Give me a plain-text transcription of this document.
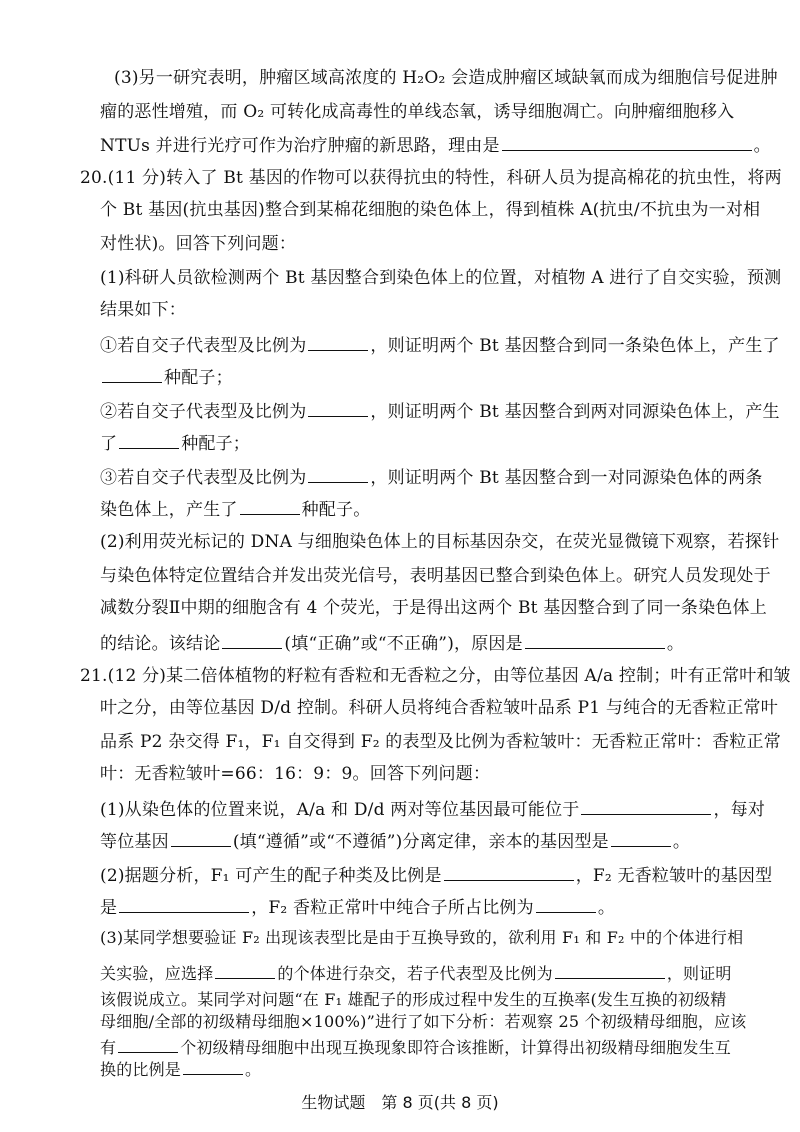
(3)另一研究表明，肿瘤区域高浓度的 H₂O₂ 会造成肿瘤区域缺氧而成为细胞信号促进肿
瘤的恶性增殖，而 O₂ 可转化成高毒性的单线态氧，诱导细胞凋亡。向肿瘤细胞移入
NTUs 并进行光疗可作为治疗肿瘤的新思路，理由是	。
20.(11 分)转入了 Bt 基因的作物可以获得抗虫的特性，科研人员为提高棉花的抗虫性，将两
个 Bt 基因(抗虫基因)整合到某棉花细胞的染色体上，得到植株 A(抗虫/不抗虫为一对相
对性状)。回答下列问题：
(1)科研人员欲检测两个 Bt 基因整合到染色体上的位置，对植物 A 进行了自交实验，预测
结果如下：
①若自交子代表型及比例为	，则证明两个 Bt 基因整合到同一条染色体上，产生了
种配子；
②若自交子代表型及比例为	，则证明两个 Bt 基因整合到两对同源染色体上，产生
了	种配子；
③若自交子代表型及比例为	，则证明两个 Bt 基因整合到一对同源染色体的两条
染色体上，产生了	种配子。
(2)利用荧光标记的 DNA 与细胞染色体上的目标基因杂交，在荧光显微镜下观察，若探针
与染色体特定位置结合并发出荧光信号，表明基因已整合到染色体上。研究人员发现处于
减数分裂Ⅱ中期的细胞含有 4 个荧光，于是得出这两个 Bt 基因整合到了同一条染色体上
的结论。该结论	(填“正确”或“不正确”)，原因是	。
21.(12 分)某二倍体植物的籽粒有香粒和无香粒之分，由等位基因 A/a 控制；叶有正常叶和皱
叶之分，由等位基因 D/d 控制。科研人员将纯合香粒皱叶品系 P1 与纯合的无香粒正常叶
品系 P2 杂交得 F₁，F₁ 自交得到 F₂ 的表型及比例为香粒皱叶：无香粒正常叶：香粒正常
叶：无香粒皱叶=66：16：9：9。回答下列问题：
(1)从染色体的位置来说，A/a 和 D/d 两对等位基因最可能位于	，每对
等位基因	(填“遵循”或“不遵循”)分离定律，亲本的基因型是	。
(2)据题分析，F₁ 可产生的配子种类及比例是	，F₂ 无香粒皱叶的基因型
是	，F₂ 香粒正常叶中纯合子所占比例为	。
(3)某同学想要验证 F₂ 出现该表型比是由于互换导致的，欲利用 F₁ 和 F₂ 中的个体进行相
关实验，应选择	的个体进行杂交，若子代表型及比例为	，则证明
该假说成立。某同学对问题“在 F₁ 雄配子的形成过程中发生的互换率(发生互换的初级精
母细胞/全部的初级精母细胞×100%)”进行了如下分析：若观察 25 个初级精母细胞，应该
生物试题　第 8 页(共 8 页)
有	个初级精母细胞中出现互换现象即符合该推断，计算得出初级精母细胞发生互
换的比例是	。
